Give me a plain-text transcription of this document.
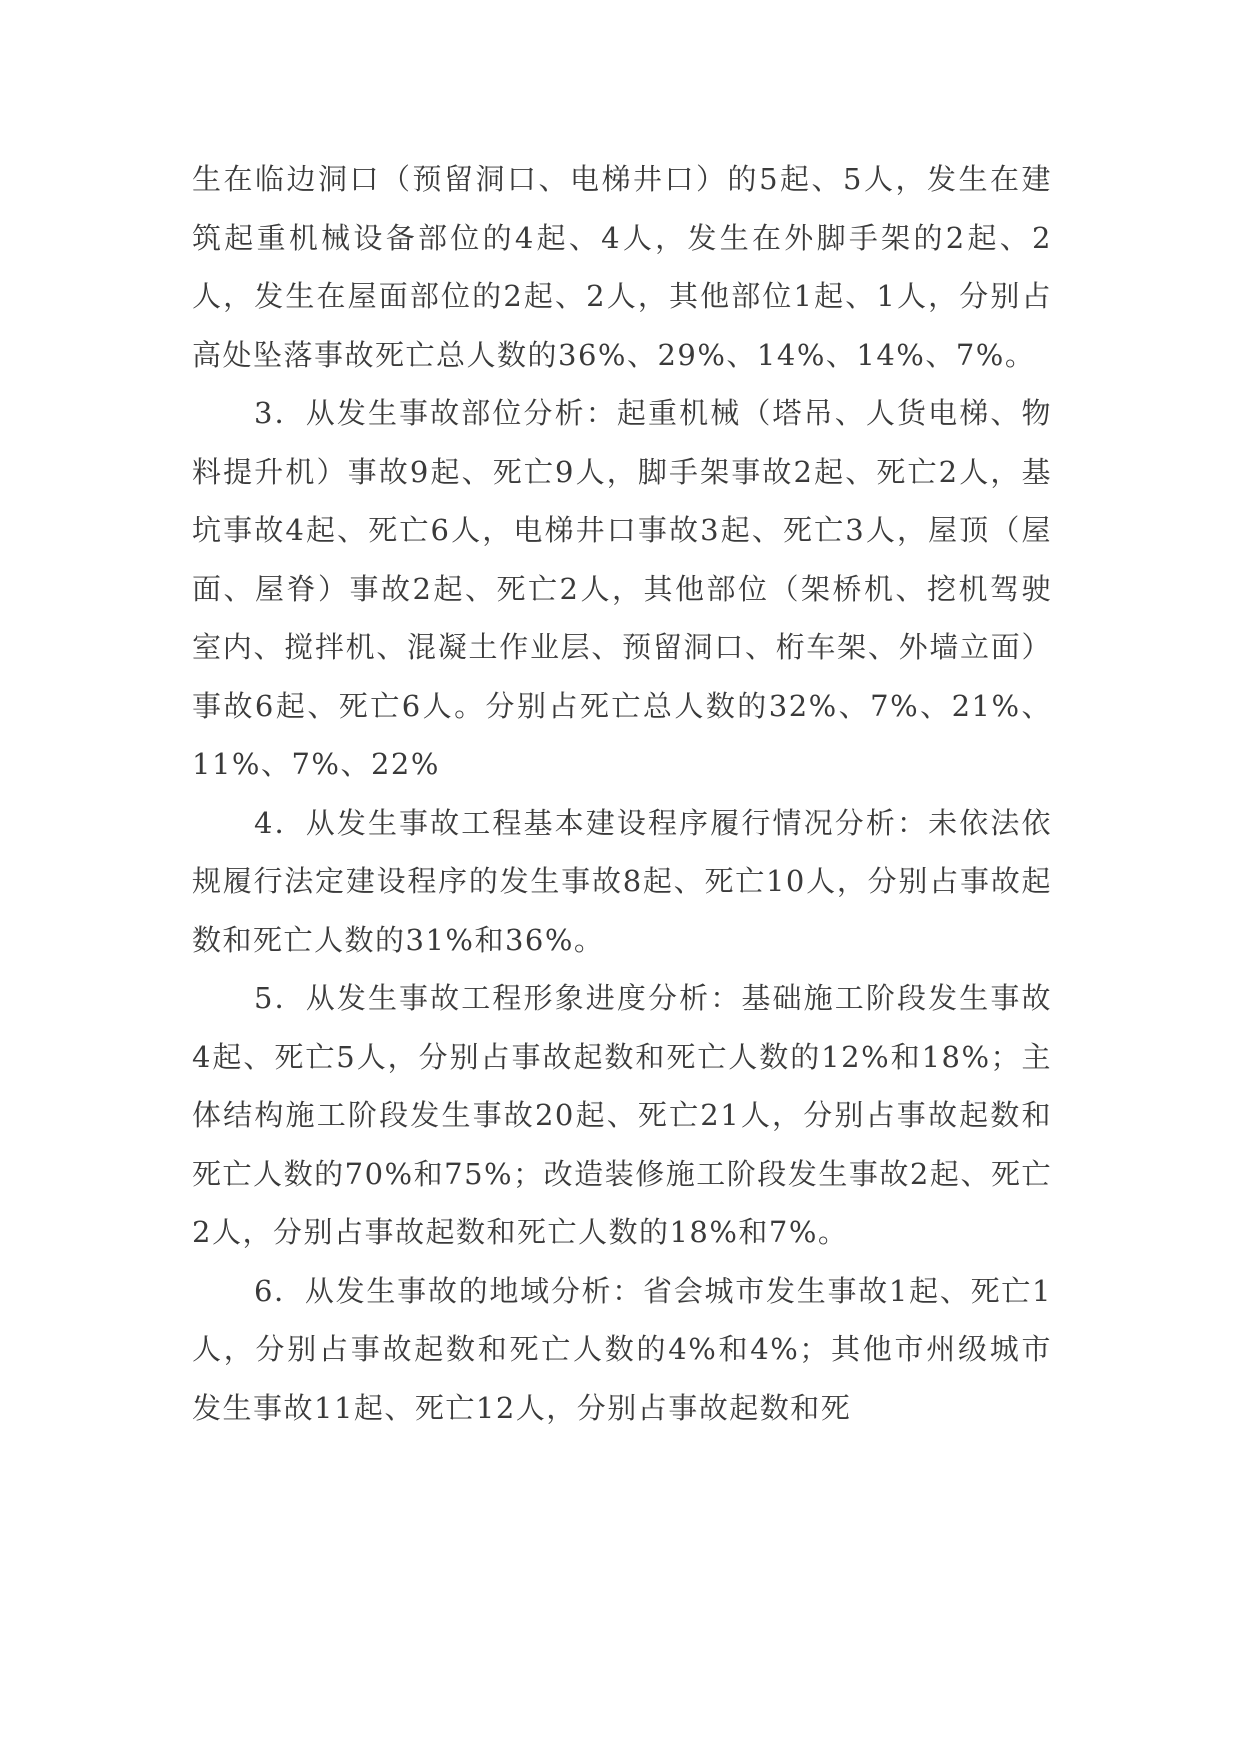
生在临边洞口（预留洞口、电梯井口）的5起、5人，发生在建筑起重机械设备部位的4起、4人，发生在外脚手架的2起、2人，发生在屋面部位的2起、2人，其他部位1起、1人，分别占高处坠落事故死亡总人数的36%、29%、14%、14%、7%。

3．从发生事故部位分析：起重机械（塔吊、人货电梯、物料提升机）事故9起、死亡9人，脚手架事故2起、死亡2人，基坑事故4起、死亡6人，电梯井口事故3起、死亡3人，屋顶（屋面、屋脊）事故2起、死亡2人，其他部位（架桥机、挖机驾驶室内、搅拌机、混凝土作业层、预留洞口、桁车架、外墙立面）事故6起、死亡6人。分别占死亡总人数的32%、7%、21%、11%、7%、22%

4．从发生事故工程基本建设程序履行情况分析：未依法依规履行法定建设程序的发生事故8起、死亡10人，分别占事故起数和死亡人数的31%和36%。

5．从发生事故工程形象进度分析：基础施工阶段发生事故4起、死亡5人，分别占事故起数和死亡人数的12%和18%；主体结构施工阶段发生事故20起、死亡21人，分别占事故起数和死亡人数的70%和75%；改造装修施工阶段发生事故2起、死亡2人，分别占事故起数和死亡人数的18%和7%。

6．从发生事故的地域分析：省会城市发生事故1起、死亡1人，分别占事故起数和死亡人数的4%和4%；其他市州级城市发生事故11起、死亡12人，分别占事故起数和死
